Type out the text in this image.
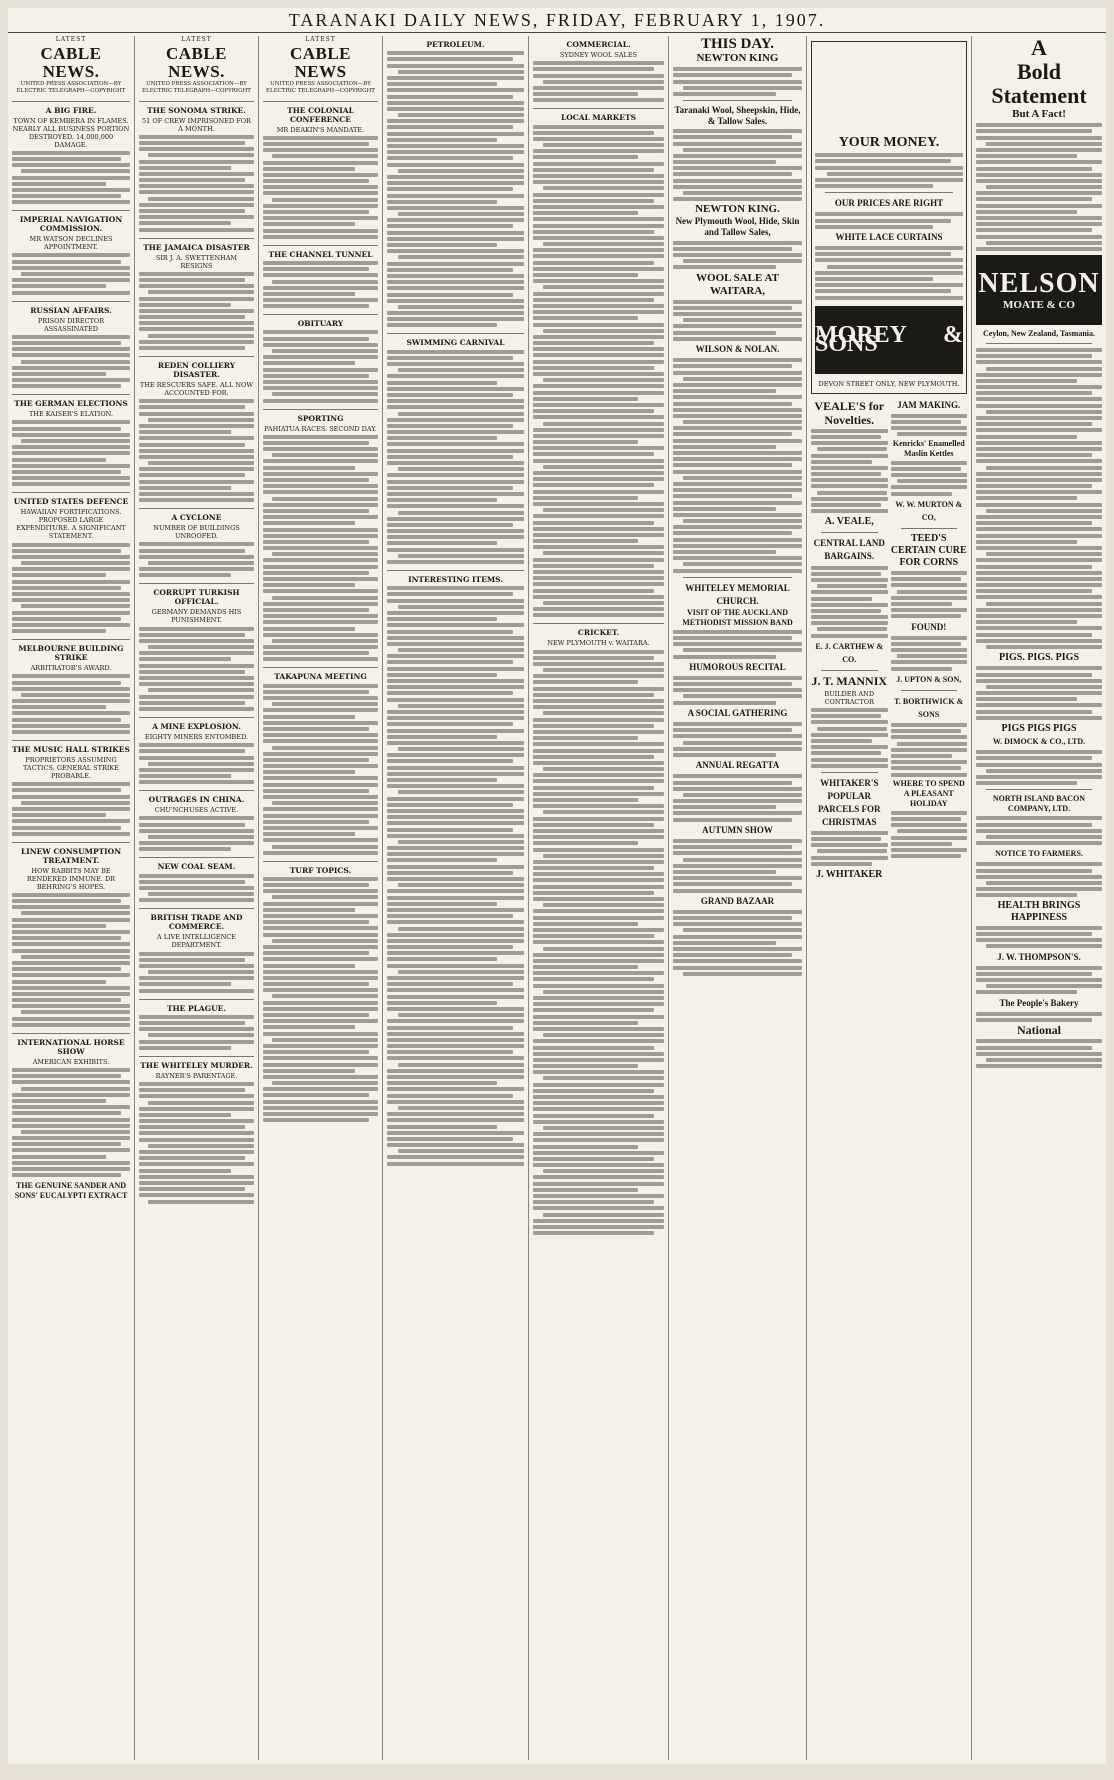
TARANAKI DAILY NEWS, FRIDAY, FEBRUARY 1, 1907.
LATEST
CABLE NEWS.
UNITED PRESS ASSOCIATION—BY ELECTRIC TELEGRAPH—COPYRIGHT
A BIG FIRE.
TOWN OF KEMBERA IN FLAMES. NEARLY ALL BUSINESS PORTION DESTROYED. 14,000,000 DAMAGE.
IMPERIAL NAVIGATION COMMISSION.
MR WATSON DECLINES APPOINTMENT.
RUSSIAN AFFAIRS.
PRISON DIRECTOR ASSASSINATED
THE GERMAN ELECTIONS
THE KAISER'S ELATION.
UNITED STATES DEFENCE
HAWAIIAN FORTIFICATIONS. PROPOSED LARGE EXPENDITURE. A SIGNIFICANT STATEMENT.
MELBOURNE BUILDING STRIKE
ARBITRATOR'S AWARD.
THE MUSIC HALL STRIKES
PROPRIETORS ASSUMING TACTICS. GENERAL STRIKE PROBABLE.
LINEW CONSUMPTION TREATMENT.
HOW RABBITS MAY BE RENDERED IMMUNE. DR BEHRING'S HOPES.
INTERNATIONAL HORSE SHOW
AMERICAN EXHIBITS.
THE GENUINE SANDER AND SONS' EUCALYPTI EXTRACT
LATEST
CABLE NEWS.
UNITED PRESS ASSOCIATION—BY ELECTRIC TELEGRAPH—COPYRIGHT
THE SONOMA STRIKE.
51 OF CREW IMPRISONED FOR A MONTH.
THE JAMAICA DISASTER
SIR J. A. SWETTENHAM RESIGNS
REDEN COLLIERY DISASTER.
THE RESCUERS SAFE. ALL NOW ACCOUNTED FOR.
A CYCLONE
NUMBER OF BUILDINGS UNROOFED.
CORRUPT TURKISH OFFICIAL.
GERMANY DEMANDS HIS PUNISHMENT.
A MINE EXPLOSION.
EIGHTY MINERS ENTOMBED.
OUTRAGES IN CHINA.
CHU'NCHUSES ACTIVE.
NEW COAL SEAM.
BRITISH TRADE AND COMMERCE.
A LIVE INTELLIGENCE DEPARTMENT.
THE PLAGUE.
THE WHITELEY MURDER.
RAYNER'S PARENTAGE.
LATEST
CABLE NEWS
UNITED PRESS ASSOCIATION—BY ELECTRIC TELEGRAPH—COPYRIGHT
THE COLONIAL CONFERENCE
MR DEAKIN'S MANDATE.
THE CHANNEL TUNNEL
OBITUARY
SPORTING
PAHIATUA RACES. SECOND DAY.
TAKAPUNA MEETING
TURF TOPICS.
PETROLEUM.
SWIMMING CARNIVAL
INTERESTING ITEMS.
COMMERCIAL.
SYDNEY WOOL SALES
LOCAL MARKETS
CRICKET.
NEW PLYMOUTH v. WAITARA.
THIS DAY.
NEWTON KING
Taranaki Wool, Sheepskin, Hide, & Tallow Sales.
NEWTON KING.
New Plymouth Wool, Hide, Skin and Tallow Sales,
WOOL SALE AT WAITARA,
WILSON & NOLAN.
WHITELEY MEMORIAL CHURCH.
VISIT OF THE AUCKLAND METHODIST MISSION BAND
HUMOROUS RECITAL
A SOCIAL GATHERING
ANNUAL REGATTA
AUTUMN SHOW
GRAND BAZAAR
YOUR MONEY.
OUR PRICES ARE RIGHT
WHITE LACE CURTAINS
MOREY & SONS
DEVON STREET ONLY, NEW PLYMOUTH.
VEALE'S for Novelties.
A. VEALE,
CENTRAL LAND BARGAINS.
E. J. CARTHEW & CO.
J. T. MANNIX
BUILDER AND CONTRACTOR
WHITAKER'S POPULAR PARCELS FOR CHRISTMAS
J. WHITAKER
JAM MAKING.
Kenricks' Enamelled Maslin Kettles
W. W. MURTON & CO,
TEED'S CERTAIN CURE FOR CORNS
FOUND!
J. UPTON & SON,
T. BORTHWICK & SONS
WHERE TO SPEND A PLEASANT HOLIDAY
A
Bold
Statement
But A Fact!
NELSON
MOATE & CO
Ceylon, New Zealand, Tasmania.
PIGS. PIGS. PIGS
PIGS PIGS PIGS
W. DIMOCK & CO., LTD.
NORTH ISLAND BACON COMPANY, LTD.
NOTICE TO FARMERS.
HEALTH BRINGS HAPPINESS
J. W. THOMPSON'S.
The People's Bakery
National
